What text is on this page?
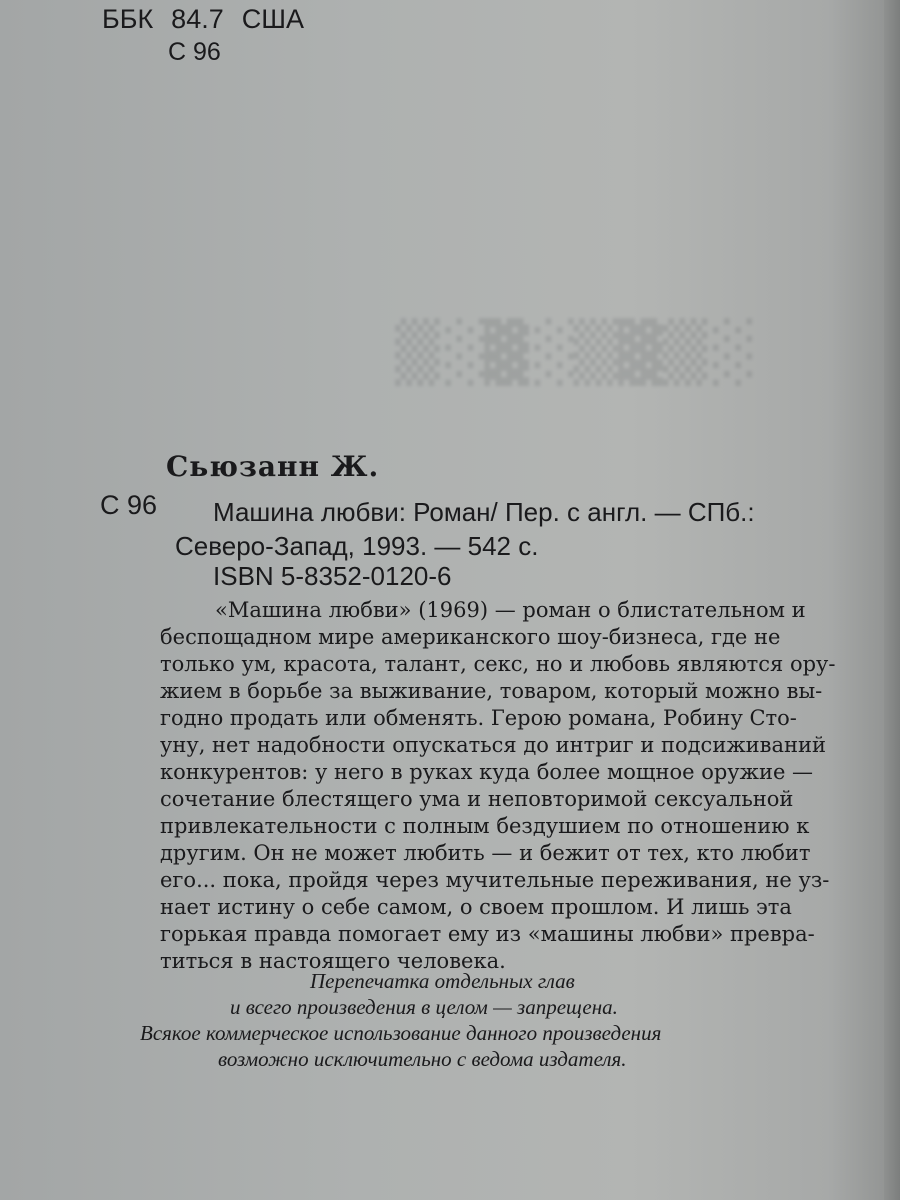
░▒▓▒░▓░▒
ББК 84.7 США
С 96
Сьюзанн Ж.
С 96 Машина любви: Роман/ Пер. с англ. — СПб.:
Северо-Запад, 1993. — 542 с.
ISBN 5-8352-0120-6
«Машина любви» (1969) — роман о блистательном и
беспощадном мире американского шоу-бизнеса, где не
только ум, красота, талант, секс, но и любовь являются ору-
жием в борьбе за выживание, товаром, который можно вы-
годно продать или обменять. Герою романа, Робину Сто-
уну, нет надобности опускаться до интриг и подсиживаний
конкурентов: у него в руках куда более мощное оружие —
сочетание блестящего ума и неповторимой сексуальной
привлекательности с полным бездушием по отношению к
другим. Он не может любить — и бежит от тех, кто любит
его... пока, пройдя через мучительные переживания, не уз-
нает истину о себе самом, о своем прошлом. И лишь эта
горькая правда помогает ему из «машины любви» превра-
титься в настоящего человека.
Перепечатка отдельных глав
и всего произведения в целом — запрещена.
Всякое коммерческое использование данного произведения
возможно исключительно с ведома издателя.
